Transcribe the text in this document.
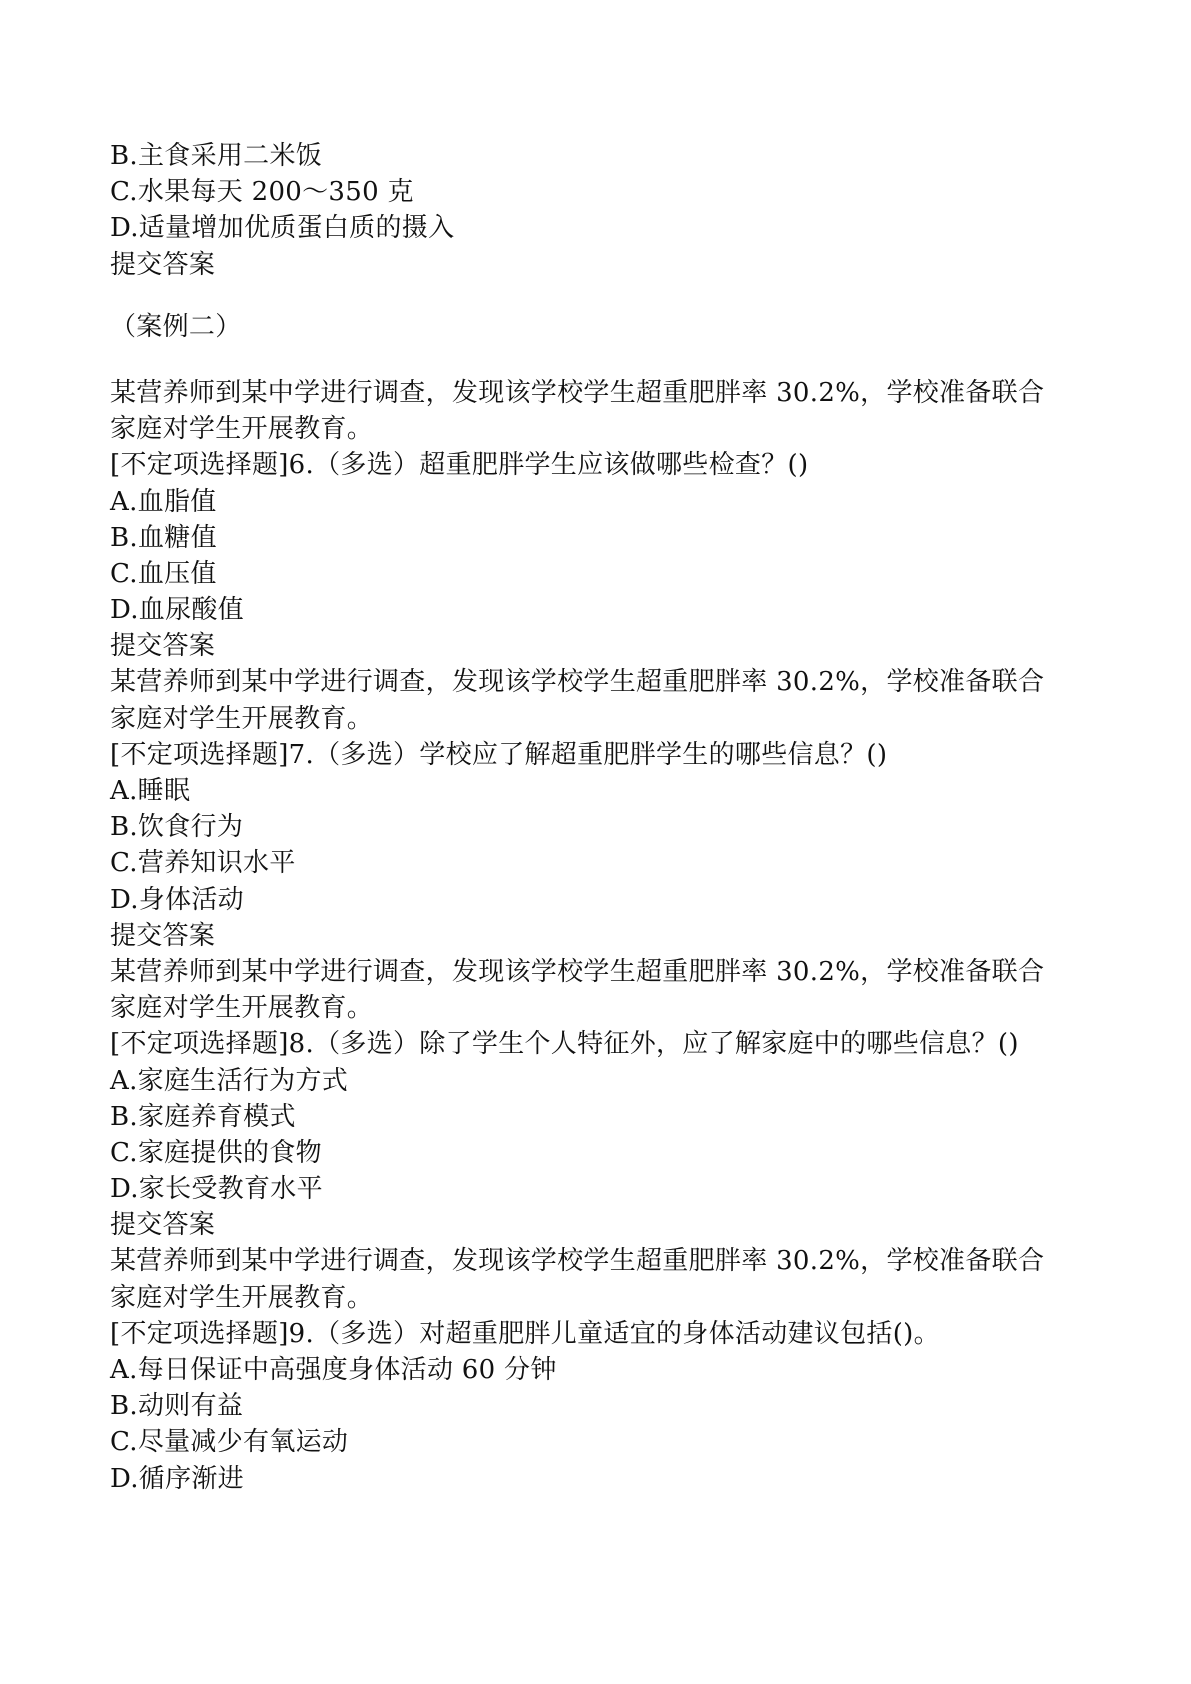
B.主食采用二米饭
C.水果每天 200～350 克
D.适量增加优质蛋白质的摄入
提交答案
（案例二）
某营养师到某中学进行调查，发现该学校学生超重肥胖率 30.2%，学校准备联合
家庭对学生开展教育。
[不定项选择题]6.（多选）超重肥胖学生应该做哪些检查？()
A.血脂值
B.血糖值
C.血压值
D.血尿酸值
提交答案
某营养师到某中学进行调查，发现该学校学生超重肥胖率 30.2%，学校准备联合
家庭对学生开展教育。
[不定项选择题]7.（多选）学校应了解超重肥胖学生的哪些信息？()
A.睡眠
B.饮食行为
C.营养知识水平
D.身体活动
提交答案
某营养师到某中学进行调查，发现该学校学生超重肥胖率 30.2%，学校准备联合
家庭对学生开展教育。
[不定项选择题]8.（多选）除了学生个人特征外，应了解家庭中的哪些信息？()
A.家庭生活行为方式
B.家庭养育模式
C.家庭提供的食物
D.家长受教育水平
提交答案
某营养师到某中学进行调查，发现该学校学生超重肥胖率 30.2%，学校准备联合
家庭对学生开展教育。
[不定项选择题]9.（多选）对超重肥胖儿童适宜的身体活动建议包括()。
A.每日保证中高强度身体活动 60 分钟
B.动则有益
C.尽量减少有氧运动
D.循序渐进
